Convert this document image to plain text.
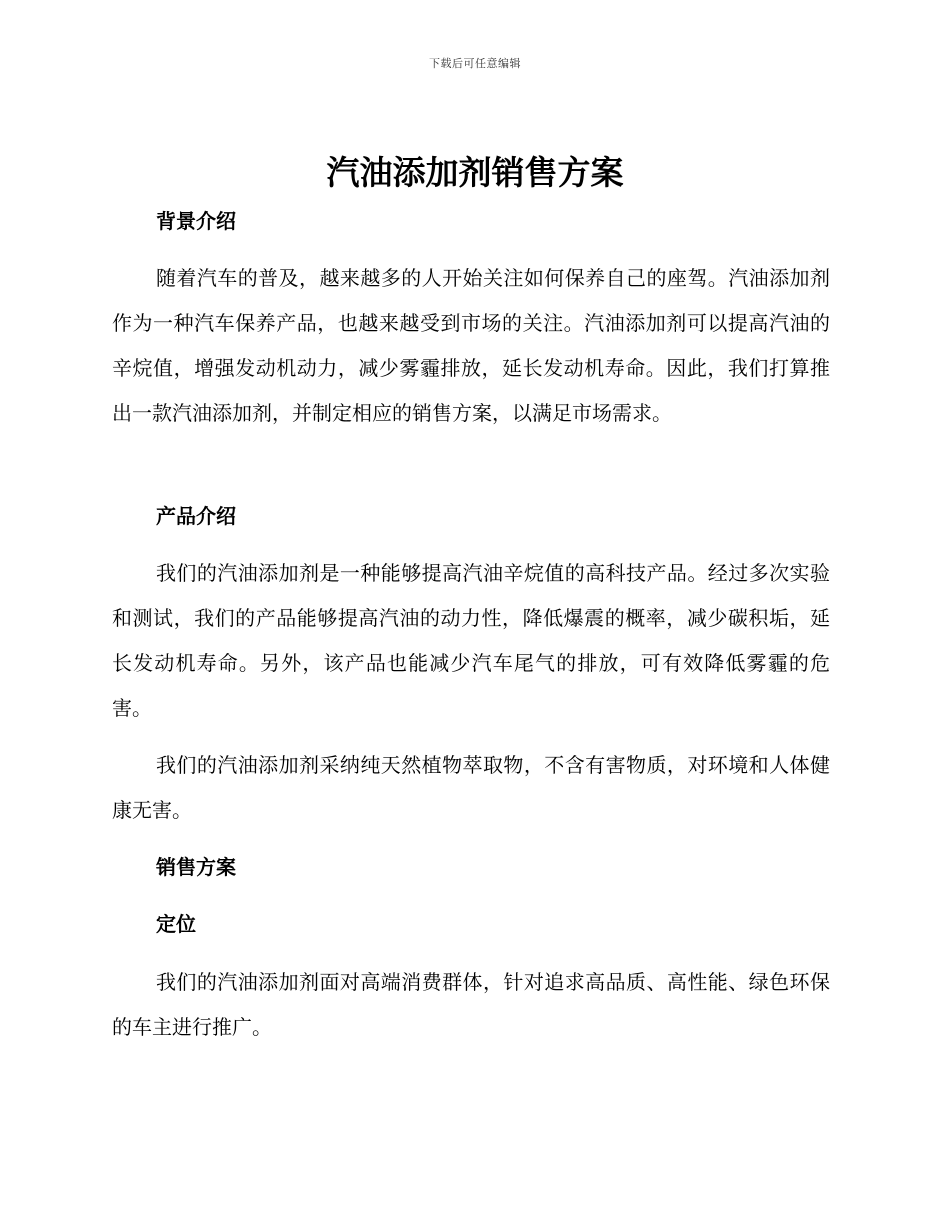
下载后可任意编辑
汽油添加剂销售方案
背景介绍

随着汽车的普及，越来越多的人开始关注如何保养自己的座驾。汽油添加剂作为一种汽车保养产品，也越来越受到市场的关注。汽油添加剂可以提高汽油的辛烷值，增强发动机动力，减少雾霾排放，延长发动机寿命。因此，我们打算推出一款汽油添加剂，并制定相应的销售方案，以满足市场需求。

产品介绍

我们的汽油添加剂是一种能够提高汽油辛烷值的高科技产品。经过多次实验和测试，我们的产品能够提高汽油的动力性，降低爆震的概率，减少碳积垢，延长发动机寿命。另外，该产品也能减少汽车尾气的排放，可有效降低雾霾的危害。

我们的汽油添加剂采纳纯天然植物萃取物，不含有害物质，对环境和人体健康无害。

销售方案
定位

我们的汽油添加剂面对高端消费群体，针对追求高品质、高性能、绿色环保的车主进行推广。
